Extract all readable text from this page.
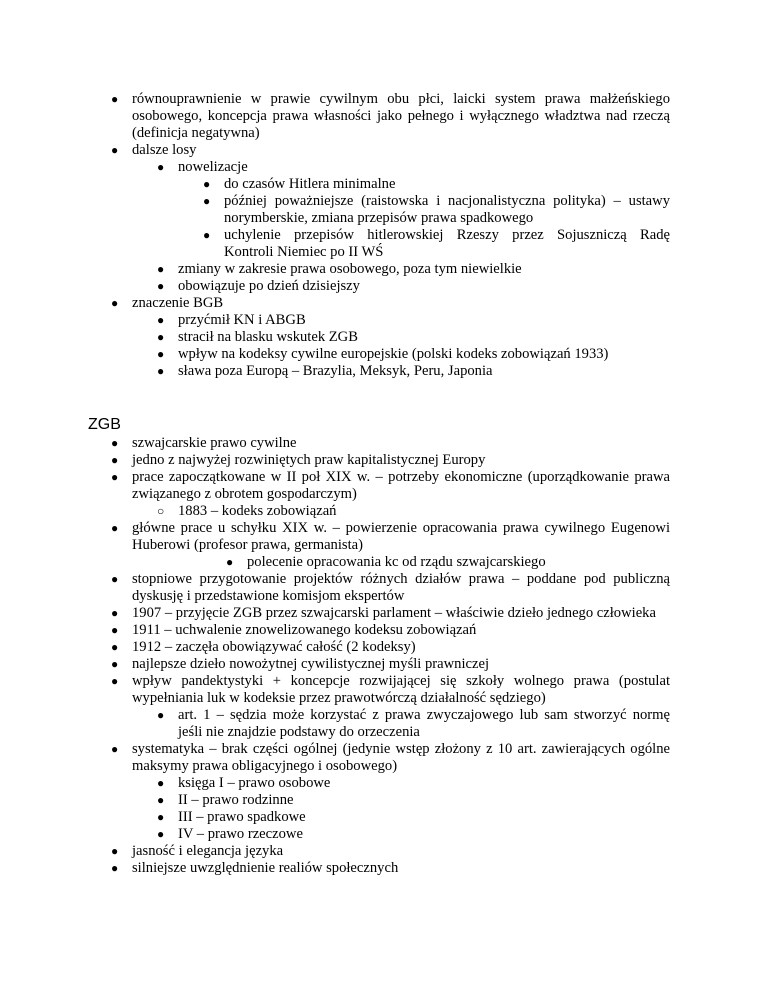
● równouprawnienie w prawie cywilnym obu płci, laicki system prawa małżeńskiego
osobowego, koncepcja prawa własności jako pełnego i wyłącznego władztwa nad rzeczą
(definicja negatywna)
● dalsze losy
● nowelizacje
● do czasów Hitlera minimalne
● później poważniejsze (raistowska i nacjonalistyczna polityka) – ustawy
norymberskie, zmiana przepisów prawa spadkowego
● uchylenie przepisów hitlerowskiej Rzeszy przez Sojuszniczą Radę
Kontroli Niemiec po II WŚ
● zmiany w zakresie prawa osobowego, poza tym niewielkie
● obowiązuje po dzień dzisiejszy
● znaczenie BGB
● przyćmił KN i ABGB
● stracił na blasku wskutek ZGB
● wpływ na kodeksy cywilne europejskie (polski kodeks zobowiązań 1933)
● sława poza Europą – Brazylia, Meksyk, Peru, Japonia
ZGB
● szwajcarskie prawo cywilne
● jedno z najwyżej rozwiniętych praw kapitalistycznej Europy
● prace zapoczątkowane w II poł XIX w. – potrzeby ekonomiczne (uporządkowanie prawa
związanego z obrotem gospodarczym)
○ 1883 – kodeks zobowiązań
● główne prace u schyłku XIX w. – powierzenie opracowania prawa cywilnego Eugenowi
Huberowi (profesor prawa, germanista)
● polecenie opracowania kc od rządu szwajcarskiego
● stopniowe przygotowanie projektów różnych działów prawa – poddane pod publiczną
dyskusję i przedstawione komisjom ekspertów
● 1907 – przyjęcie ZGB przez szwajcarski parlament – właściwie dzieło jednego człowieka
● 1911 – uchwalenie znowelizowanego kodeksu zobowiązań
● 1912 – zaczęła obowiązywać całość (2 kodeksy)
● najlepsze dzieło nowożytnej cywilistycznej myśli prawniczej
● wpływ pandektystyki + koncepcje rozwijającej się szkoły wolnego prawa (postulat
wypełniania luk w kodeksie przez prawotwórczą działalność sędziego)
● art. 1 – sędzia może korzystać z prawa zwyczajowego lub sam stworzyć normę
jeśli nie znajdzie podstawy do orzeczenia
● systematyka – brak części ogólnej (jedynie wstęp złożony z 10 art. zawierających ogólne
maksymy prawa obligacyjnego i osobowego)
● księga I – prawo osobowe
● II – prawo rodzinne
● III – prawo spadkowe
● IV – prawo rzeczowe
● jasność i elegancja języka
● silniejsze uwzględnienie realiów społecznych
